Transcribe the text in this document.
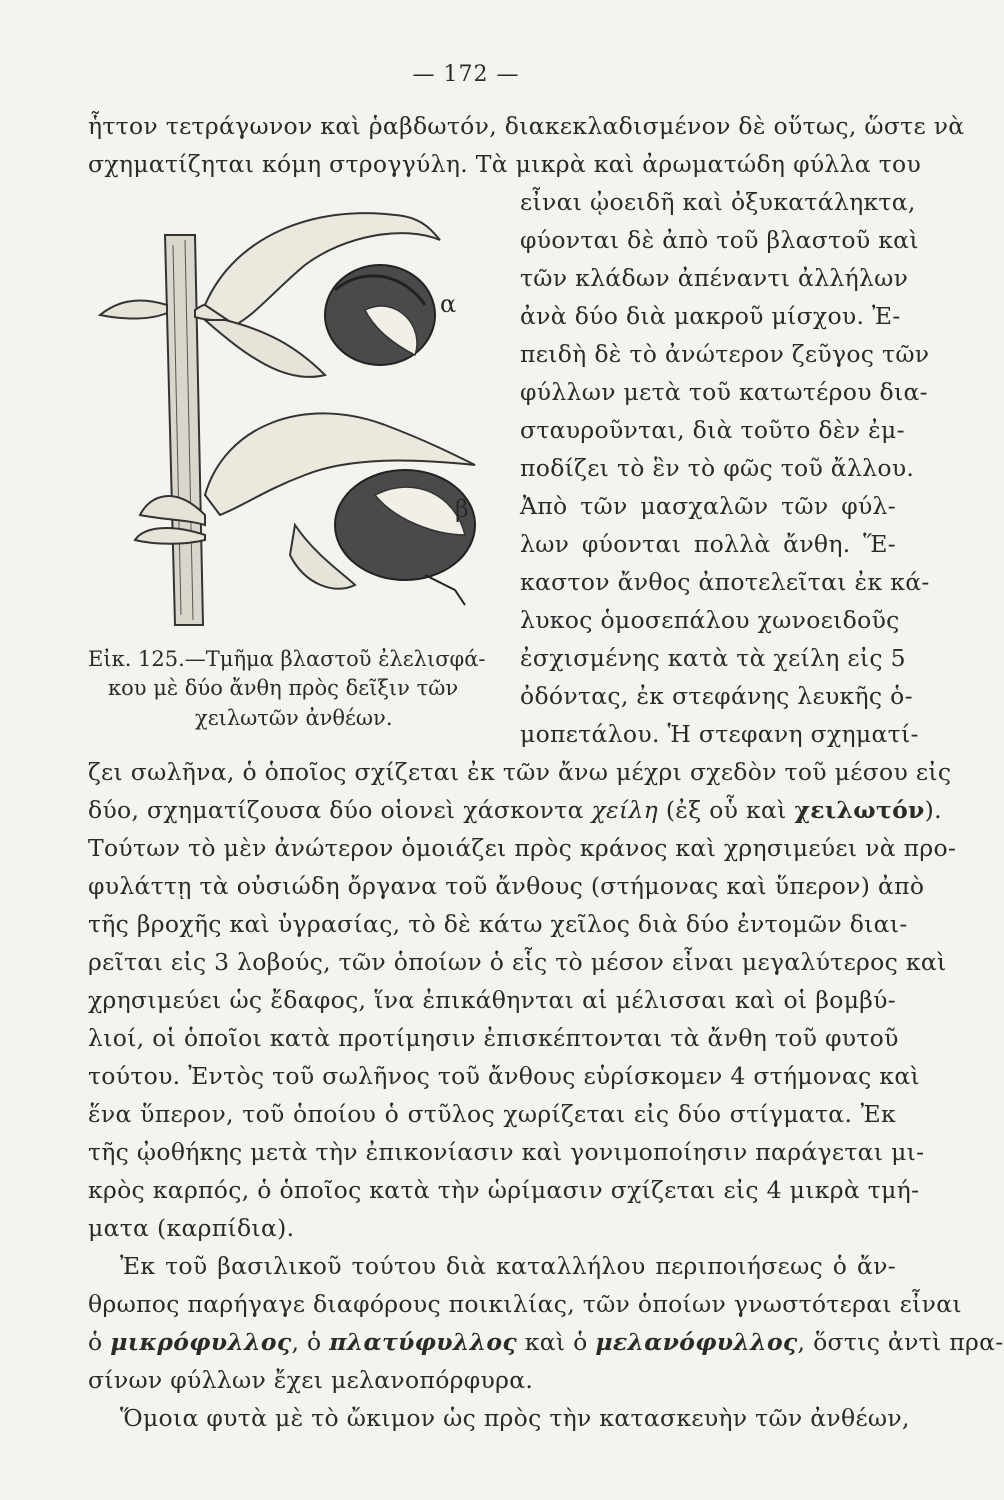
— 172 —
ἧττον τετράγωνον καὶ ῥαβδωτόν, διακεκλαδισμένον δὲ οὕτως, ὥστε νὰ
σχηματίζηται κόμη στρογγύλη. Τὰ μικρὰ καὶ ἀρωματώδη φύλλα του
α
β
εἶναι ᾠοειδῆ καὶ ὀξυκατάληκτα,
φύονται δὲ ἀπὸ τοῦ βλαστοῦ καὶ
τῶν κλάδων ἀπέναντι ἀλλήλων
ἀνὰ δύο διὰ μακροῦ μίσχου. Ἐ-
πειδὴ δὲ τὸ ἀνώτερον ζεῦγος τῶν
φύλλων μετὰ τοῦ κατωτέρου δια-
σταυροῦνται, διὰ τοῦτο δὲν ἐμ-
ποδίζει τὸ ἓν τὸ φῶς τοῦ ἄλλου.
Ἀπὸ τῶν μασχαλῶν τῶν φύλ-
λων φύονται πολλὰ ἄνθη. Ἕ-
καστον ἄνθος ἀποτελεῖται ἐκ κά-
λυκος ὁμοσεπάλου χωνοειδοῦς
ἐσχισμένης κατὰ τὰ χείλη εἰς 5
ὀδόντας, ἐκ στεφάνης λευκῆς ὁ-
μοπετάλου. Ἡ στεφανη σχηματί-
Εἰκ. 125.—Τμῆμα βλαστοῦ ἐλελισφά-
κου μὲ δύο ἄνθη πρὸς δεῖξιν τῶν
χειλωτῶν ἀνθέων.
ζει σωλῆνα, ὁ ὁποῖος σχίζεται ἐκ τῶν ἄνω μέχρι σχεδὸν τοῦ μέσου εἰς
δύο, σχηματίζουσα δύο οἱονεὶ χάσκοντα χείλη (ἐξ οὗ καὶ χειλωτόν).
Τούτων τὸ μὲν ἀνώτερον ὁμοιάζει πρὸς κράνος καὶ χρησιμεύει νὰ προ-
φυλάττῃ τὰ οὐσιώδη ὄργανα τοῦ ἄνθους (στήμονας καὶ ὕπερον) ἀπὸ
τῆς βροχῆς καὶ ὑγρασίας, τὸ δὲ κάτω χεῖλος διὰ δύο ἐντομῶν διαι-
ρεῖται εἰς 3 λοβούς, τῶν ὁποίων ὁ εἷς τὸ μέσον εἶναι μεγαλύτερος καὶ
χρησιμεύει ὡς ἔδαφος, ἵνα ἐπικάθηνται αἱ μέλισσαι καὶ οἱ βομβύ-
λιοί, οἱ ὁποῖοι κατὰ προτίμησιν ἐπισκέπτονται τὰ ἄνθη τοῦ φυτοῦ
τούτου. Ἐντὸς τοῦ σωλῆνος τοῦ ἄνθους εὑρίσκομεν 4 στήμονας καὶ
ἕνα ὕπερον, τοῦ ὁποίου ὁ στῦλος χωρίζεται εἰς δύο στίγματα. Ἐκ
τῆς ᾠοθήκης μετὰ τὴν ἐπικονίασιν καὶ γονιμοποίησιν παράγεται μι-
κρὸς καρπός, ὁ ὁποῖος κατὰ τὴν ὡρίμασιν σχίζεται εἰς 4 μικρὰ τμή-
ματα (καρπίδια).
Ἐκ τοῦ βασιλικοῦ τούτου διὰ καταλλήλου περιποιήσεως ὁ ἄν-
θρωπος παρήγαγε διαφόρους ποικιλίας, τῶν ὁποίων γνωστότεραι εἶναι
ὁ μικρόφυλλος, ὁ πλατύφυλλος καὶ ὁ μελανόφυλλος, ὅστις ἀντὶ πρα-
σίνων φύλλων ἔχει μελανοπόρφυρα.
Ὅμοια φυτὰ μὲ τὸ ὤκιμον ὡς πρὸς τὴν κατασκευὴν τῶν ἀνθέων,
